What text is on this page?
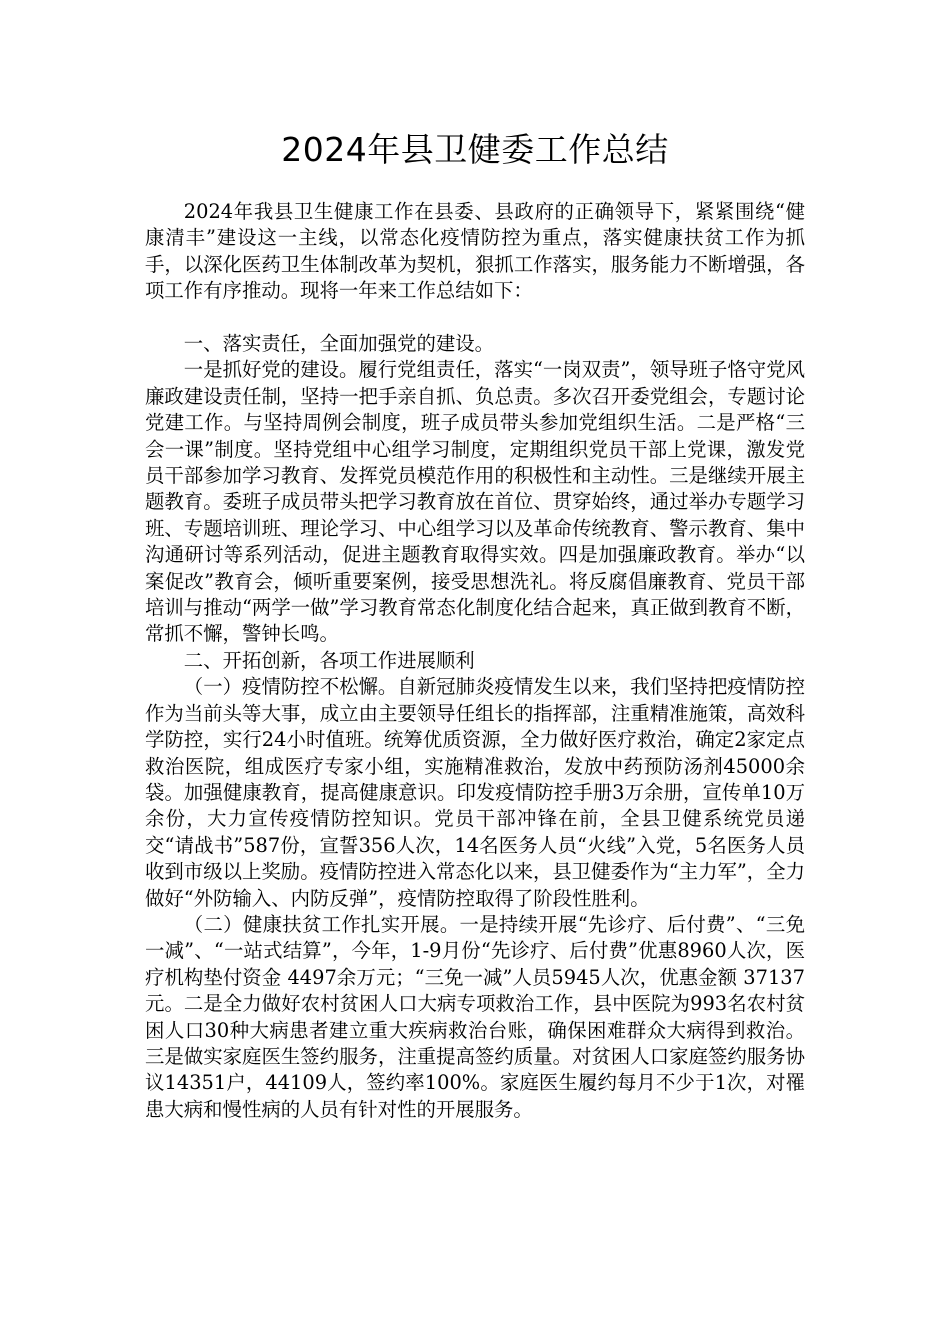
2024年县卫健委工作总结

2024年我县卫生健康工作在县委、县政府的正确领导下，紧紧围绕“健康清丰”建设这一主线，以常态化疫情防控为重点，落实健康扶贫工作为抓手，以深化医药卫生体制改革为契机，狠抓工作落实，服务能力不断增强，各项工作有序推动。现将一年来工作总结如下：

一、落实责任，全面加强党的建设。

一是抓好党的建设。履行党组责任，落实“一岗双责”，领导班子恪守党风廉政建设责任制，坚持一把手亲自抓、负总责。多次召开委党组会，专题讨论党建工作。与坚持周例会制度，班子成员带头参加党组织生活。二是严格“三会一课”制度。坚持党组中心组学习制度，定期组织党员干部上党课，激发党员干部参加学习教育、发挥党员模范作用的积极性和主动性。三是继续开展主题教育。委班子成员带头把学习教育放在首位、贯穿始终，通过举办专题学习班、专题培训班、理论学习、中心组学习以及革命传统教育、警示教育、集中沟通研讨等系列活动，促进主题教育取得实效。四是加强廉政教育。举办“以案促改”教育会，倾听重要案例，接受思想洗礼。将反腐倡廉教育、党员干部培训与推动“两学一做”学习教育常态化制度化结合起来，真正做到教育不断，常抓不懈，警钟长鸣。

二、开拓创新，各项工作进展顺利

（一）疫情防控不松懈。自新冠肺炎疫情发生以来，我们坚持把疫情防控作为当前头等大事，成立由主要领导任组长的指挥部，注重精准施策，高效科学防控，实行24小时值班。统筹优质资源，全力做好医疗救治，确定2家定点救治医院，组成医疗专家小组，实施精准救治，发放中药预防汤剂45000余袋。加强健康教育，提高健康意识。印发疫情防控手册3万余册，宣传单10万余份，大力宣传疫情防控知识。党员干部冲锋在前，全县卫健系统党员递交“请战书”587份，宣誓356人次，14名医务人员“火线”入党，5名医务人员收到市级以上奖励。疫情防控进入常态化以来，县卫健委作为“主力军”，全力做好“外防输入、内防反弹”，疫情防控取得了阶段性胜利。

（二）健康扶贫工作扎实开展。一是持续开展“先诊疗、后付费”、“三免一减”、“一站式结算”，今年，1-9月份“先诊疗、后付费”优惠8960人次，医疗机构垫付资金 4497余万元；“三免一减”人员5945人次，优惠金额 37137元。二是全力做好农村贫困人口大病专项救治工作，县中医院为993名农村贫困人口30种大病患者建立重大疾病救治台账，确保困难群众大病得到救治。三是做实家庭医生签约服务，注重提高签约质量。对贫困人口家庭签约服务协议14351户，44109人，签约率100%。家庭医生履约每月不少于1次，对罹患大病和慢性病的人员有针对性的开展服务。
